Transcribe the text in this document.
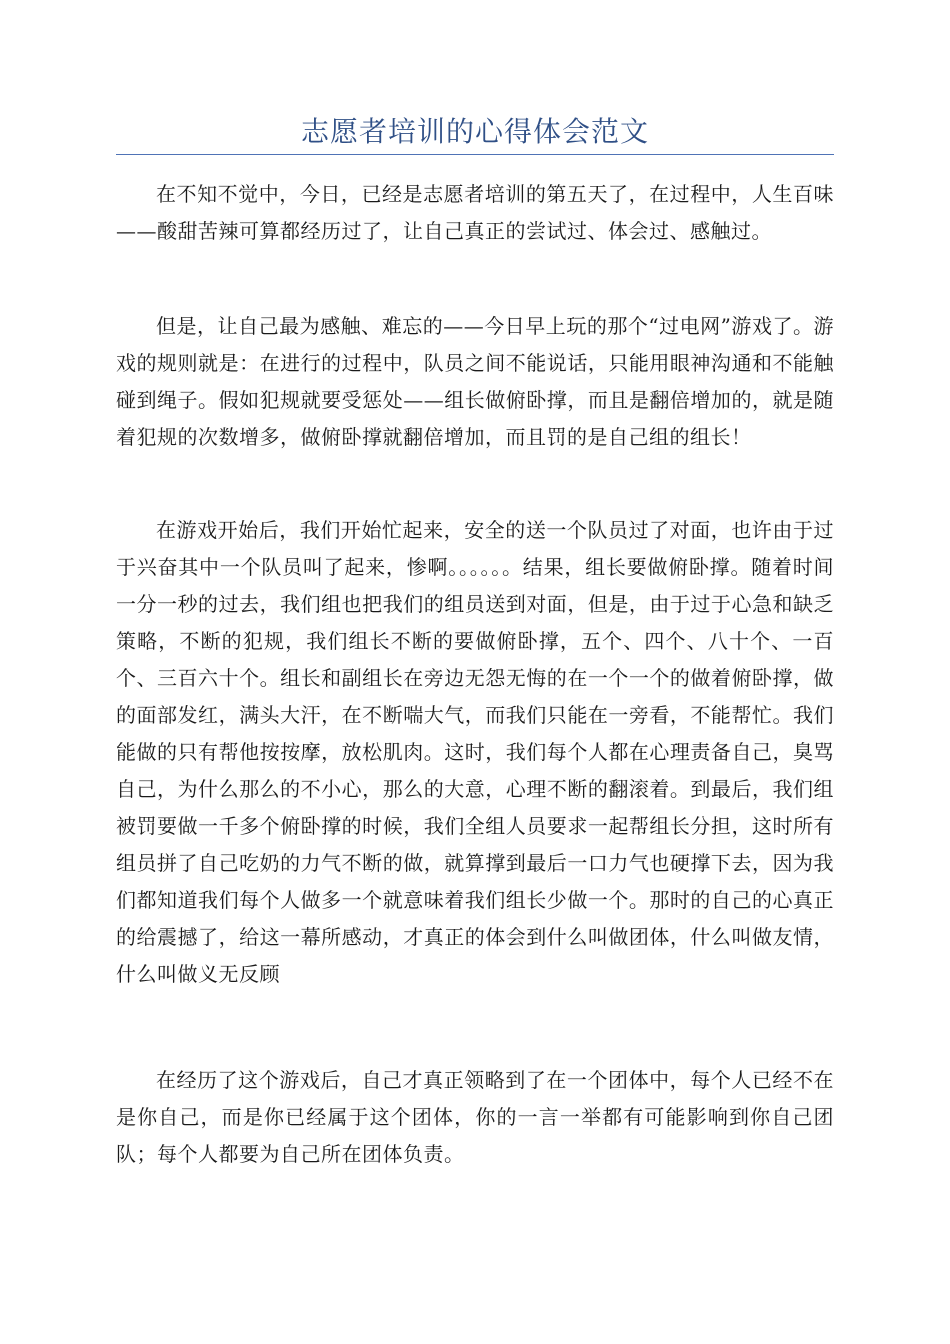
志愿者培训的心得体会范文

在不知不觉中，今日，已经是志愿者培训的第五天了，在过程中，人生百味——酸甜苦辣可算都经历过了，让自己真正的尝试过、体会过、感触过。

但是，让自己最为感触、难忘的——今日早上玩的那个“过电网”游戏了。游戏的规则就是：在进行的过程中，队员之间不能说话，只能用眼神沟通和不能触碰到绳子。假如犯规就要受惩处——组长做俯卧撑，而且是翻倍增加的，就是随着犯规的次数增多，做俯卧撑就翻倍增加，而且罚的是自己组的组长！

在游戏开始后，我们开始忙起来，安全的送一个队员过了对面，也许由于过于兴奋其中一个队员叫了起来，惨啊。。。。。。结果，组长要做俯卧撑。随着时间一分一秒的过去，我们组也把我们的组员送到对面，但是，由于过于心急和缺乏策略，不断的犯规，我们组长不断的要做俯卧撑，五个、四个、八十个、一百个、三百六十个。组长和副组长在旁边无怨无悔的在一个一个的做着俯卧撑，做的面部发红，满头大汗，在不断喘大气，而我们只能在一旁看，不能帮忙。我们能做的只有帮他按按摩，放松肌肉。这时，我们每个人都在心理责备自己，臭骂自己，为什么那么的不小心，那么的大意，心理不断的翻滚着。到最后，我们组被罚要做一千多个俯卧撑的时候，我们全组人员要求一起帮组长分担，这时所有组员拼了自己吃奶的力气不断的做，就算撑到最后一口力气也硬撑下去，因为我们都知道我们每个人做多一个就意味着我们组长少做一个。那时的自己的心真正的给震撼了，给这一幕所感动，才真正的体会到什么叫做团体，什么叫做友情，什么叫做义无反顾

在经历了这个游戏后，自己才真正领略到了在一个团体中，每个人已经不在是你自己，而是你已经属于这个团体，你的一言一举都有可能影响到你自己团队；每个人都要为自己所在团体负责。
